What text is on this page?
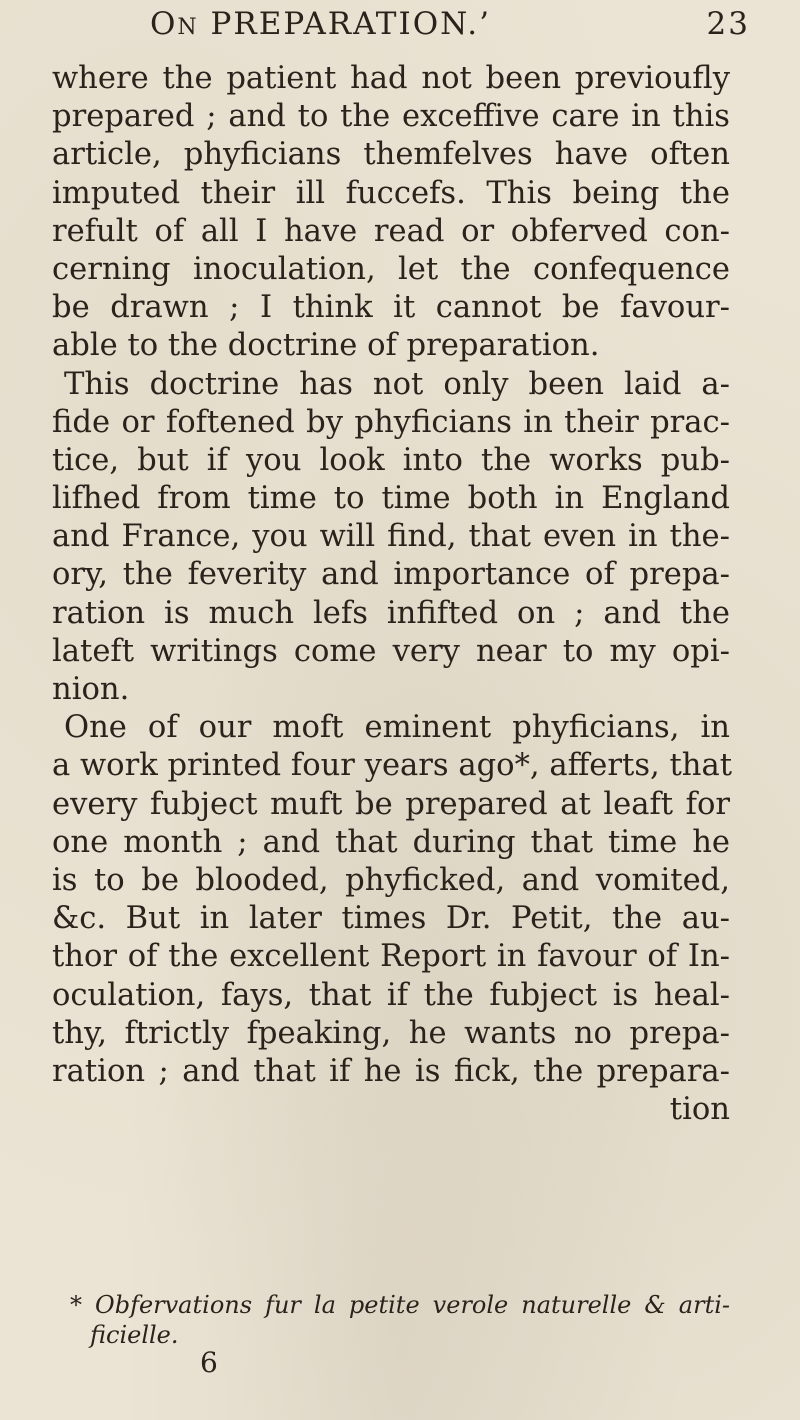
On PREPARATION.’	23
where the patient had not been previoufly
prepared ; and to the exceffive care in this
article, phyficians themfelves have often
imputed their ill fuccefs. This being the
refult of all I have read or obferved con-
cerning inoculation, let the confequence
be drawn ; I think it cannot be favour-
able to the doctrine of preparation.
This doctrine has not only been laid a-
fide or foftened by phyficians in their prac-
tice, but if you look into the works pub-
lifhed from time to time both in England
and France, you will find, that even in the-
ory, the feverity and importance of prepa-
ration is much lefs infifted on ; and the
lateft writings come very near to my opi-
nion.
One of our moft eminent phyficians, in
a work printed four years ago*, afferts, that
every fubject muft be prepared at leaft for
one month ; and that during that time he
is to be blooded, phyficked, and vomited,
&c. But in later times Dr. Petit, the au-
thor of the excellent Report in favour of In-
oculation, fays, that if the fubject is heal-
thy, ftrictly fpeaking, he wants no prepa-
ration ; and that if he is fick, the prepara-
tion
* Obfervations fur la petite verole naturelle & arti-
ficielle.
6
